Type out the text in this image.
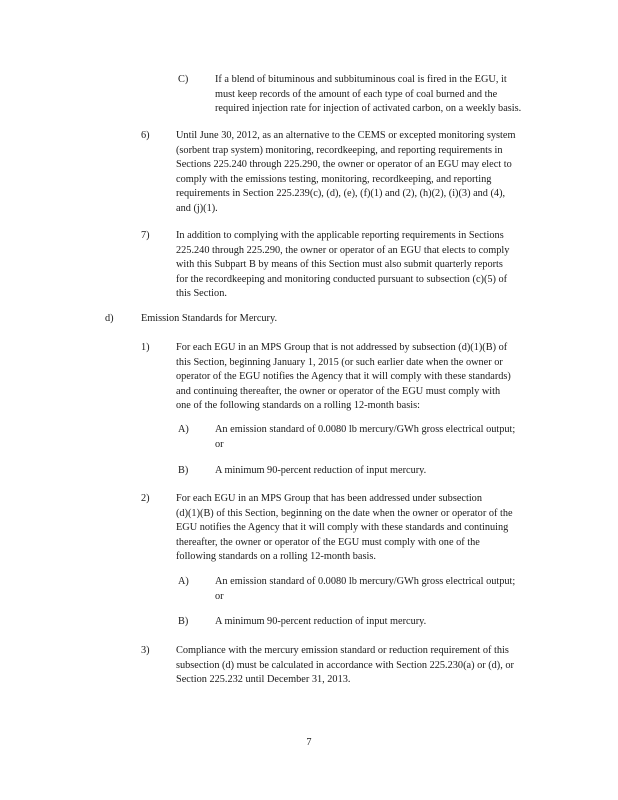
C)	If a blend of bituminous and subbituminous coal is fired in the EGU, it
must keep records of the amount of each type of coal burned and the
required injection rate for injection of activated carbon, on a weekly basis.
6)	Until June 30, 2012, as an alternative to the CEMS or excepted monitoring system
(sorbent trap system) monitoring, recordkeeping, and reporting requirements in
Sections 225.240 through 225.290, the owner or operator of an EGU may elect to
comply with the emissions testing, monitoring, recordkeeping, and reporting
requirements in Section 225.239(c), (d), (e), (f)(1) and (2), (h)(2), (i)(3) and (4),
and (j)(1).
7)	In addition to complying with the applicable reporting requirements in Sections
225.240 through 225.290, the owner or operator of an EGU that elects to comply
with this Subpart B by means of this Section must also submit quarterly reports
for the recordkeeping and monitoring conducted pursuant to subsection (c)(5) of
this Section.
d)	Emission Standards for Mercury.
1)	For each EGU in an MPS Group that is not addressed by subsection (d)(1)(B) of
this Section, beginning January 1, 2015 (or such earlier date when the owner or
operator of the EGU notifies the Agency that it will comply with these standards)
and continuing thereafter, the owner or operator of the EGU must comply with
one of the following standards on a rolling 12-month basis:
A)	An emission standard of 0.0080 lb mercury/GWh gross electrical output;
or
B)	A minimum 90-percent reduction of input mercury.
2)	For each EGU in an MPS Group that has been addressed under subsection
(d)(1)(B) of this Section, beginning on the date when the owner or operator of the
EGU notifies the Agency that it will comply with these standards and continuing
thereafter, the owner or operator of the EGU must comply with one of the
following standards on a rolling 12-month basis.
A)	An emission standard of 0.0080 lb mercury/GWh gross electrical output;
or
B)	A minimum 90-percent reduction of input mercury.
3)	Compliance with the mercury emission standard or reduction requirement of this
subsection (d) must be calculated in accordance with Section 225.230(a) or (d), or
Section 225.232 until December 31, 2013.
7
